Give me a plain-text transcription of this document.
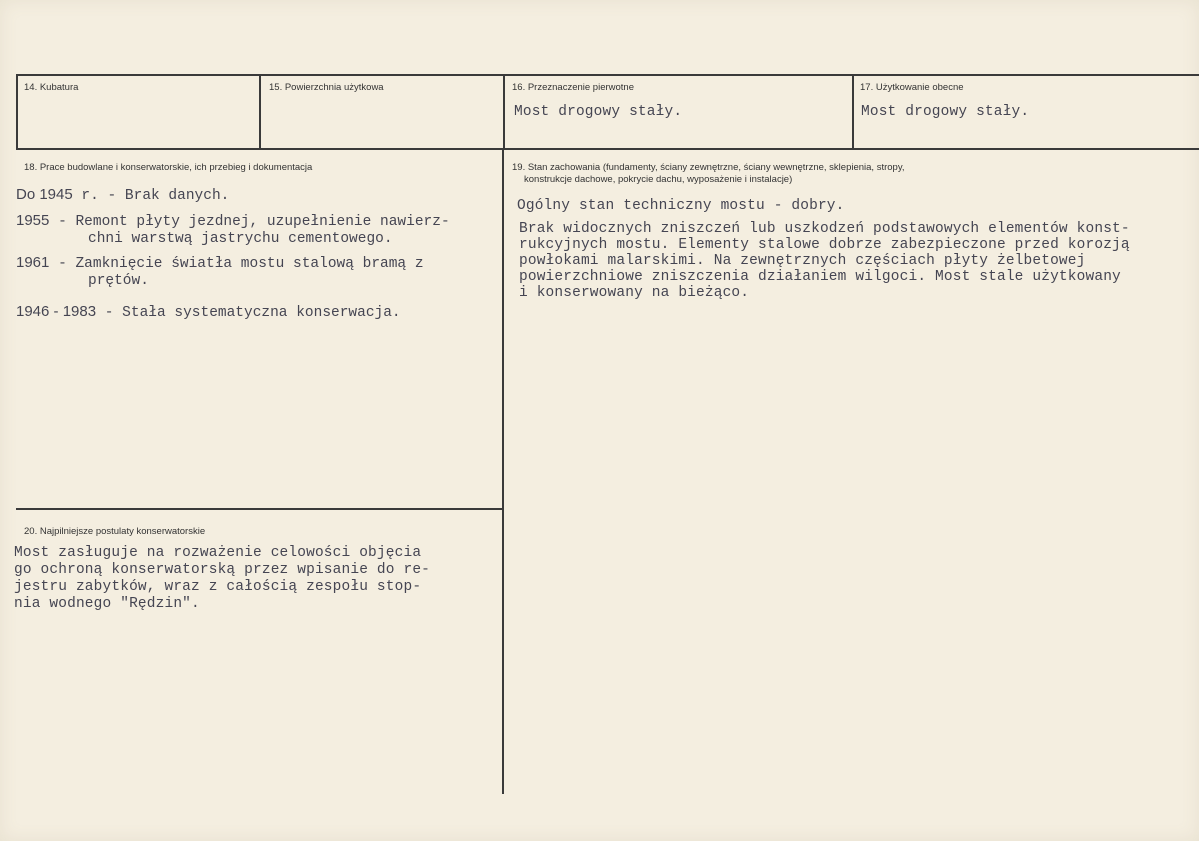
14. Kubatura	15. Powierzchnia użytkowa	16. Przeznaczenie pierwotne
Most drogowy stały.
17. Użytkowanie obecne
Most drogowy stały.
18. Prace budowlane i konserwatorskie, ich przebieg i dokumentacja
Do 1945 r. - Brak danych.
1955 - Remont płyty jezdnej, uzupełnienie nawierz-
chni warstwą jastrychu cementowego.
1961 - Zamknięcie światła mostu stalową bramą z
prętów.
1946 - 1983 - Stała systematyczna konserwacja.
19. Stan zachowania (fundamenty, ściany zewnętrzne, ściany wewnętrzne, sklepienia, stropy,
konstrukcje dachowe, pokrycie dachu, wyposażenie i instalacje)
Ogólny stan techniczny mostu - dobry.
Brak widocznych zniszczeń lub uszkodzeń podstawowych elementów konst-
rukcyjnych mostu. Elementy stalowe dobrze zabezpieczone przed korozją
powłokami malarskimi. Na zewnętrznych częściach płyty żelbetowej
powierzchniowe zniszczenia działaniem wilgoci. Most stale użytkowany
i konserwowany na bieżąco.
20. Najpilniejsze postulaty konserwatorskie
Most zasługuje na rozważenie celowości objęcia
go ochroną konserwatorską przez wpisanie do re-
jestru zabytków, wraz z całością zespołu stop-
nia wodnego "Rędzin".
